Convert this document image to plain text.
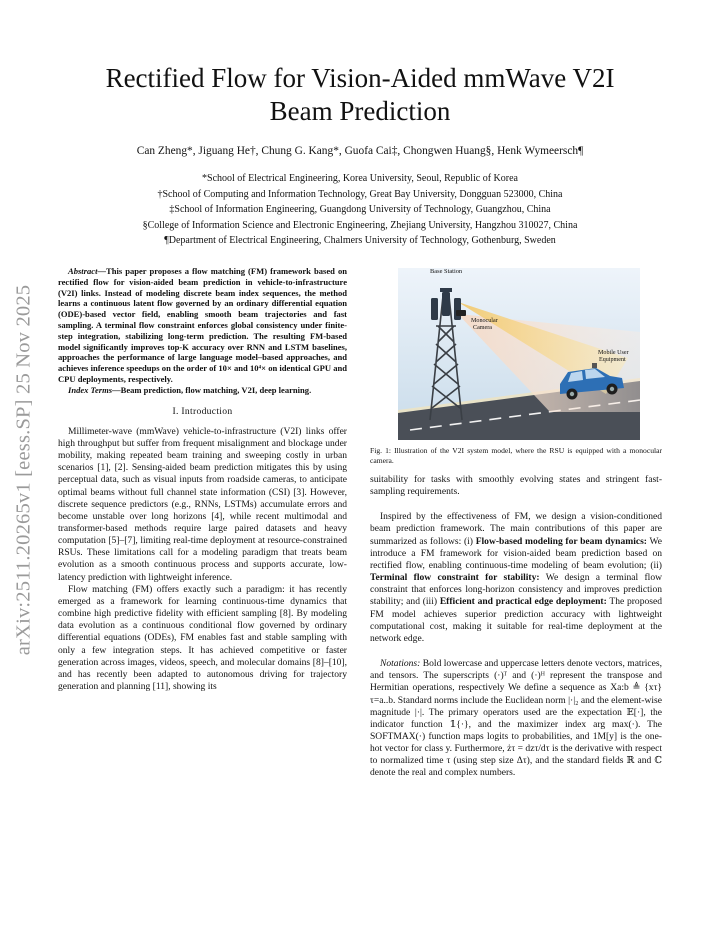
arXiv:2511.20265v1 [eess.SP] 25 Nov 2025
Rectified Flow for Vision-Aided mmWave V2I
Beam Prediction
Can Zheng*, Jiguang He†, Chung G. Kang*, Guofa Cai‡, Chongwen Huang§, Henk Wymeersch¶
*School of Electrical Engineering, Korea University, Seoul, Republic of Korea
†School of Computing and Information Technology, Great Bay University, Dongguan 523000, China
‡School of Information Engineering, Guangdong University of Technology, Guangzhou, China
§College of Information Science and Electronic Engineering, Zhejiang University, Hangzhou 310027, China
¶Department of Electrical Engineering, Chalmers University of Technology, Gothenburg, Sweden
Abstract—This paper proposes a flow matching (FM) framework based on rectified flow for vision-aided beam prediction in vehicle-to-infrastructure (V2I) links. Instead of modeling discrete beam index sequences, the method learns a continuous latent flow governed by an ordinary differential equation (ODE)-based vector field, enabling smooth beam trajectories and fast sampling. A terminal flow constraint enforces global consistency under finite-step integration, stabilizing long-term prediction. The resulting FM-based model significantly improves top-K accuracy over RNN and LSTM baselines, approaches the performance of large language model–based approaches, and achieves inference speedups on the order of 10× and 10⁴× on identical GPU and CPU deployments, respectively.
Index Terms—Beam prediction, flow matching, V2I, deep learning.
I. Introduction

Millimeter-wave (mmWave) vehicle-to-infrastructure (V2I) links offer high throughput but suffer from frequent misalignment and blockage under mobility, making repeated beam training and sweeping costly in urban scenarios [1], [2]. Sensing-aided beam prediction mitigates this by using perceptual data, such as visual inputs from roadside cameras, to anticipate optimal beams without full channel state information (CSI) [3]. However, discrete sequence predictors (e.g., RNNs, LSTMs) accumulate errors and become unstable over long horizons [4], while recent multimodal and transformer-based methods require large paired datasets and heavy computation [5]–[7], limiting real-time deployment at resource-constrained RSUs. These limitations call for a modeling paradigm that treats beam evolution as a smooth continuous process and supports accurate, low-latency prediction with lightweight inference.

Flow matching (FM) offers exactly such a paradigm: it has recently emerged as a framework for learning continuous-time dynamics that combine high predictive fidelity with efficient sampling [8]. By modeling data evolution as a continuous conditional flow governed by ordinary differential equations (ODEs), FM enables fast and stable sampling with only a few integration steps. It has achieved competitive or faster generation across images, videos, speech, and molecular domains [8]–[10], and has recently been adapted to autonomous driving for trajectory generation and planning [11], showing its

Base Station
Monocular
Camera
Mobile User
Equipment
Fig. 1: Illustration of the V2I system model, where the RSU is equipped with a monocular camera.
suitability for tasks with smoothly evolving states and stringent fast-sampling requirements.

Inspired by the effectiveness of FM, we design a vision-conditioned beam prediction framework. The main contributions of this paper are summarized as follows: (i) Flow-based modeling for beam dynamics: We introduce a FM framework for vision-aided beam prediction based on rectified flow, enabling continuous-time modeling of beam evolution; (ii) Terminal flow constraint for stability: We design a terminal flow constraint that enforces long-horizon consistency and improves prediction stability; and (iii) Efficient and practical edge deployment: The proposed FM model achieves superior prediction accuracy with lightweight computational cost, making it suitable for real-time deployment at the network edge.

Notations: Bold lowercase and uppercase letters denote vectors, matrices, and tensors. The superscripts (·)ᵀ and (·)ᴴ represent the transpose and Hermitian operations, respectively We define a sequence as Xa:b ≜ {xτ}τ=a..b. Standard norms include the Euclidean norm |·|₂ and the element-wise magnitude |·|. The primary operators used are the expectation 𝔼[·], the indicator function 𝟙{·}, and the maximizer index arg max(·). The SOFTMAX(·) function maps logits to probabilities, and 1M[y] is the one-hot vector for class y. Furthermore, żτ = dzτ/dτ is the derivative with respect to normalized time τ (using step size Δτ), and the standard fields ℝ and ℂ denote the real and complex numbers.
